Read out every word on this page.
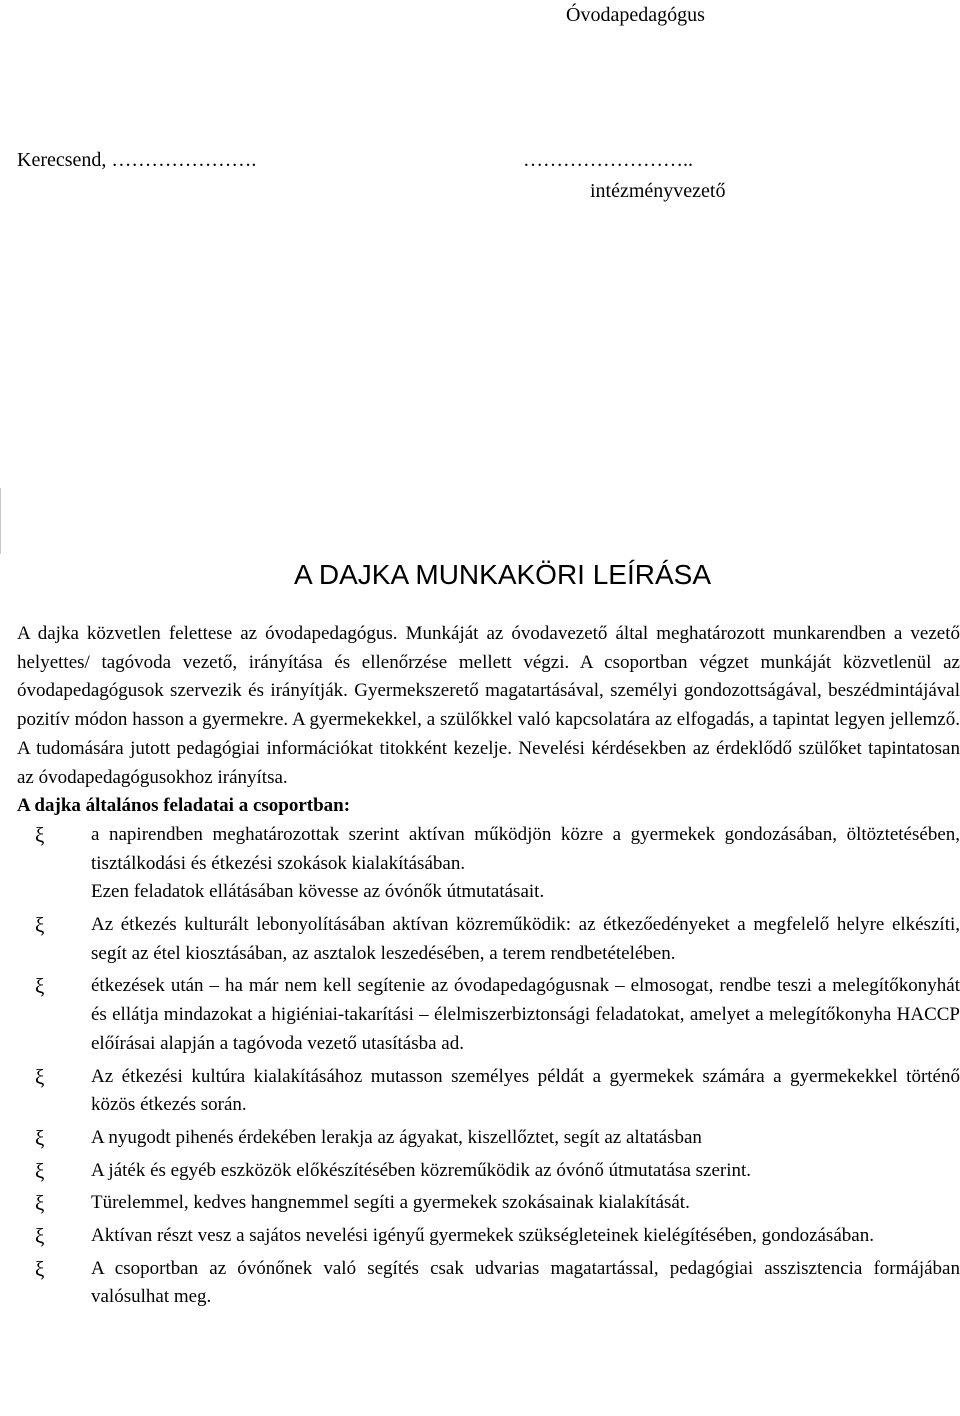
Óvodapedagógus
Kerecsend, ………………….	……………………..
intézményvezető
A DAJKA MUNKAKÖRI LEÍRÁSA

A dajka közvetlen felettese az óvodapedagógus. Munkáját az óvodavezető által meghatározott munkarendben a vezető helyettes/ tagóvoda vezető, irányítása és ellenőrzése mellett végzi. A csoportban végzet munkáját közvetlenül az óvodapedagógusok szervezik és irányítják. Gyermekszerető magatartásával, személyi gondozottságával, beszédmintájával pozitív módon hasson a gyermekre. A gyermekekkel, a szülőkkel való kapcsolatára az elfogadás, a tapintat legyen jellemző. A tudomására jutott pedagógiai információkat titokként kezelje. Nevelési kérdésekben az érdeklődő szülőket tapintatosan az óvodapedagógusokhoz irányítsa.

A dajka általános feladatai a csoportban:

ξ	a napirendben meghatározottak szerint aktívan működjön közre a gyermekek gondozásában, öltöztetésében, tisztálkodási és étkezési szokások kialakításában.
Ezen feladatok ellátásában kövesse az óvónők útmutatásait.
ξ	Az étkezés kulturált lebonyolításában aktívan közreműködik: az étkezőedényeket a megfelelő helyre elkészíti, segít az étel kiosztásában, az asztalok leszedésében, a terem rendbetételében.
ξ	étkezések után – ha már nem kell segítenie az óvodapedagógusnak – elmosogat, rendbe teszi a melegítőkonyhát és ellátja mindazokat a higiéniai-takarítási – élelmiszerbiztonsági feladatokat, amelyet a melegítőkonyha HACCP előírásai alapján a tagóvoda vezető utasításba ad.
ξ	Az étkezési kultúra kialakításához mutasson személyes példát a gyermekek számára a gyermekekkel történő közös étkezés során.
ξ	A nyugodt pihenés érdekében lerakja az ágyakat, kiszellőztet, segít az altatásban
ξ	A játék és egyéb eszközök előkészítésében közreműködik az óvónő útmutatása szerint.
ξ	Türelemmel, kedves hangnemmel segíti a gyermekek szokásainak kialakítását.
ξ	Aktívan részt vesz a sajátos nevelési igényű gyermekek szükségleteinek kielégítésében, gondozásában.
ξ	A csoportban az óvónőnek való segítés csak udvarias magatartással, pedagógiai asszisztencia formájában valósulhat meg.
